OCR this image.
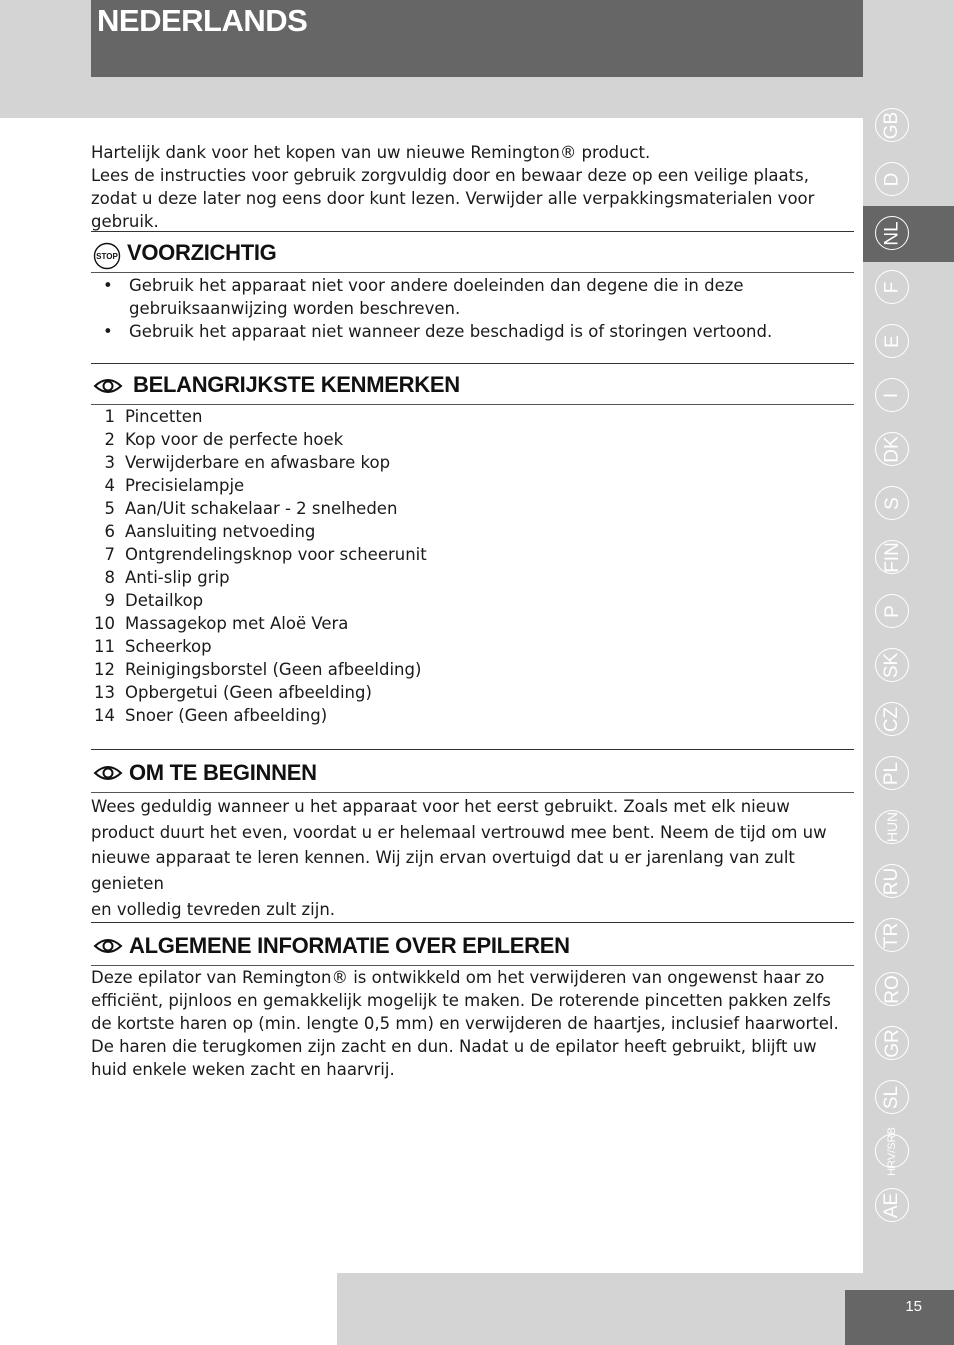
NEDERLANDS
GB
D
NL
F
E
I
DK
S
FIN
P
SK
CZ
PL
HUN
RU
TR
RO
GR
SL
HRV/SRB
AE

Hartelijk dank voor het kopen van uw nieuwe Remington® product.

Lees de instructies voor gebruik zorgvuldig door en bewaar deze op een veilige plaats, zodat u deze later nog eens door kunt lezen. Verwijder alle verpakkingsmaterialen voor gebruik.

STOP VOORZICHTIG
• Gebruik het apparaat niet voor andere doeleinden dan degene die in deze gebruiksaanwijzing worden beschreven.
• Gebruik het apparaat niet wanneer deze beschadigd is of storingen vertoond.
BELANGRIJKSTE KENMERKEN
1 Pincetten
2 Kop voor de perfecte hoek
3 Verwijderbare en afwasbare kop
4 Precisielampje
5 Aan/Uit schakelaar - 2 snelheden
6 Aansluiting netvoeding
7 Ontgrendelingsknop voor scheerunit
8 Anti-slip grip
9 Detailkop
10 Massagekop met Aloë Vera
11 Scheerkop
12 Reinigingsborstel (Geen afbeelding)
13 Opbergetui (Geen afbeelding)
14 Snoer (Geen afbeelding)
OM TE BEGINNEN
Wees geduldig wanneer u het apparaat voor het eerst gebruikt. Zoals met elk nieuw
product duurt het even, voordat u er helemaal vertrouwd mee bent. Neem de tijd om uw
nieuwe apparaat te leren kennen. Wij zijn ervan overtuigd dat u er jarenlang van zult genieten
en volledig tevreden zult zijn.
ALGEMENE INFORMATIE OVER EPILEREN

Deze epilator van Remington® is ontwikkeld om het verwijderen van ongewenst haar zo efficiënt, pijnloos en gemakkelijk mogelijk te maken. De roterende pincetten pakken zelfs de kortste haren op (min. lengte 0,5 mm) en verwijderen de haartjes, inclusief haarwortel. De haren die terugkomen zijn zacht en dun. Nadat u de epilator heeft gebruikt, blijft uw huid enkele weken zacht en haarvrij.

15
